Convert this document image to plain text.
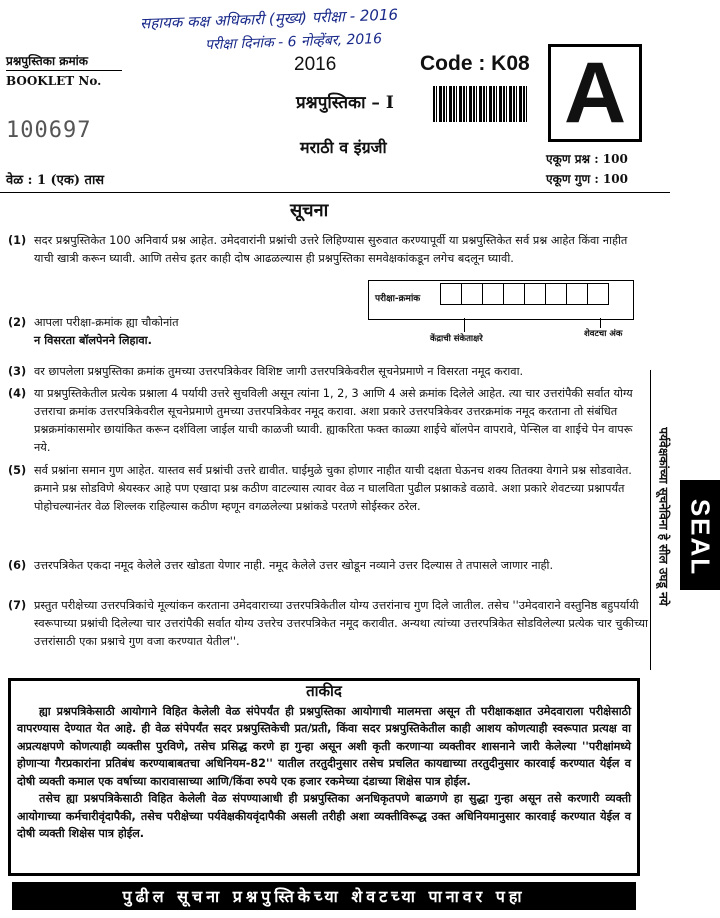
सहायक कक्ष अधिकारी (मुख्य) परीक्षा - 2016
परीक्षा दिनांक - 6 नोव्हेंबर, 2016
प्रश्नपुस्तिका क्रमांक
BOOKLET No.
100697
वेळ : 1 (एक) तास
2016	Code : K08
प्रश्नपुस्तिका – I
मराठी व इंग्रजी
A
एकूण प्रश्न : 100
एकूण गुण : 100
सूचना
(1) सदर प्रश्नपुस्तिकेत 100 अनिवार्य प्रश्न आहेत. उमेदवारांनी प्रश्नांची उत्तरे लिहिण्यास सुरुवात करण्यापूर्वी या प्रश्नपुस्तिकेत सर्व प्रश्न आहेत किंवा नाहीत याची खात्री करून घ्यावी. आणि तसेच इतर काही दोष आढळल्यास ही प्रश्नपुस्तिका समवेक्षकांकडून लगेच बदलून घ्यावी.
(2) आपला परीक्षा-क्रमांक ह्या चौकोनांत
न विसरता बॉलपेनने लिहावा.
परीक्षा-क्रमांक
केंद्राची संकेताक्षरे	शेवटचा अंक
(3) वर छापलेला प्रश्नपुस्तिका क्रमांक तुमच्या उत्तरपत्रिकेवर विशिष्ट जागी उत्तरपत्रिकेवरील सूचनेप्रमाणे न विसरता नमूद करावा.
(4) या प्रश्नपुस्तिकेतील प्रत्येक प्रश्नाला 4 पर्यायी उत्तरे सुचविली असून त्यांना 1, 2, 3 आणि 4 असे क्रमांक दिलेले आहेत. त्या चार उत्तरांपैकी सर्वात योग्य उत्तराचा क्रमांक उत्तरपत्रिकेवरील सूचनेप्रमाणे तुमच्या उत्तरपत्रिकेवर नमूद करावा. अशा प्रकारे उत्तरपत्रिकेवर उत्तरक्रमांक नमूद करताना तो संबंधित प्रश्नक्रमांकासमोर छायांकित करून दर्शविला जाईल याची काळजी घ्यावी. ह्याकरिता फक्त काळ्या शाईचे बॉलपेन वापरावे, पेन्सिल वा शाईचे पेन वापरू नये.
(5) सर्व प्रश्नांना समान गुण आहेत. यास्तव सर्व प्रश्नांची उत्तरे द्यावीत. घाईमुळे चुका होणार नाहीत याची दक्षता घेऊनच शक्य तितक्या वेगाने प्रश्न सोडवावेत. क्रमाने प्रश्न सोडविणे श्रेयस्कर आहे पण एखादा प्रश्न कठीण वाटल्यास त्यावर वेळ न घालविता पुढील प्रश्नाकडे वळावे. अशा प्रकारे शेवटच्या प्रश्नापर्यंत पोहोचल्यानंतर वेळ शिल्लक राहिल्यास कठीण म्हणून वगळलेल्या प्रश्नांकडे परतणे सोईस्कर ठरेल.
(6) उत्तरपत्रिकेत एकदा नमूद केलेले उत्तर खोडता येणार नाही. नमूद केलेले उत्तर खोडून नव्याने उत्तर दिल्यास ते तपासले जाणार नाही.
(7) प्रस्तुत परीक्षेच्या उत्तरपत्रिकांचे मूल्यांकन करताना उमेदवाराच्या उत्तरपत्रिकेतील योग्य उत्तरांनाच गुण दिले जातील. तसेच ''उमेदवाराने वस्तुनिष्ठ बहुपर्यायी स्वरूपाच्या प्रश्नांची दिलेल्या चार उत्तरांपैकी सर्वात योग्य उत्तरेच उत्तरपत्रिकेत नमूद करावीत. अन्यथा त्यांच्या उत्तरपत्रिकेत सोडविलेल्या प्रत्येक चार चुकीच्या उत्तरांसाठी एका प्रश्नाचे गुण वजा करण्यात येतील''.
ताकीद
ह्या प्रश्नपत्रिकेसाठी आयोगाने विहित केलेली वेळ संपेपर्यंत ही प्रश्नपुस्तिका आयोगाची मालमत्ता असून ती परीक्षाकक्षात उमेदवाराला परीक्षेसाठी वापरण्यास देण्यात येत आहे. ही वेळ संपेपर्यंत सदर प्रश्नपुस्तिकेची प्रत/प्रती, किंवा सदर प्रश्नपुस्तिकेतील काही आशय कोणत्याही स्वरूपात प्रत्यक्ष वा अप्रत्यक्षपणे कोणत्याही व्यक्तीस पुरविणे, तसेच प्रसिद्ध करणे हा गुन्हा असून अशी कृती करणाऱ्या व्यक्तीवर शासनाने जारी केलेल्या ''परीक्षांमध्ये होणाऱ्या गैरप्रकारांना प्रतिबंध करण्याबाबतचा अधिनियम-82'' यातील तरतुदीनुसार तसेच प्रचलित कायद्याच्या तरतुदीनुसार कारवाई करण्यात येईल व दोषी व्यक्ती कमाल एक वर्षाच्या कारावासाच्या आणि/किंवा रुपये एक हजार रकमेच्या दंडाच्या शिक्षेस पात्र होईल.
तसेच ह्या प्रश्नपत्रिकेसाठी विहित केलेली वेळ संपण्याआधी ही प्रश्नपुस्तिका अनधिकृतपणे बाळगणे हा सुद्धा गुन्हा असून तसे करणारी व्यक्ती आयोगाच्या कर्मचारीवृंदापैकी, तसेच परीक्षेच्या पर्यवेक्षकीयवृंदापैकी असली तरीही अशा व्यक्तीविरूद्ध उक्त अधिनियमानुसार कारवाई करण्यात येईल व दोषी व्यक्ती शिक्षेस पात्र होईल.
पुढील सूचना प्रश्नपुस्तिकेच्या शेवटच्या पानावर पहा
पर्यवेक्षकांच्या सूचनेविना हे सील उघडू नये SEAL
